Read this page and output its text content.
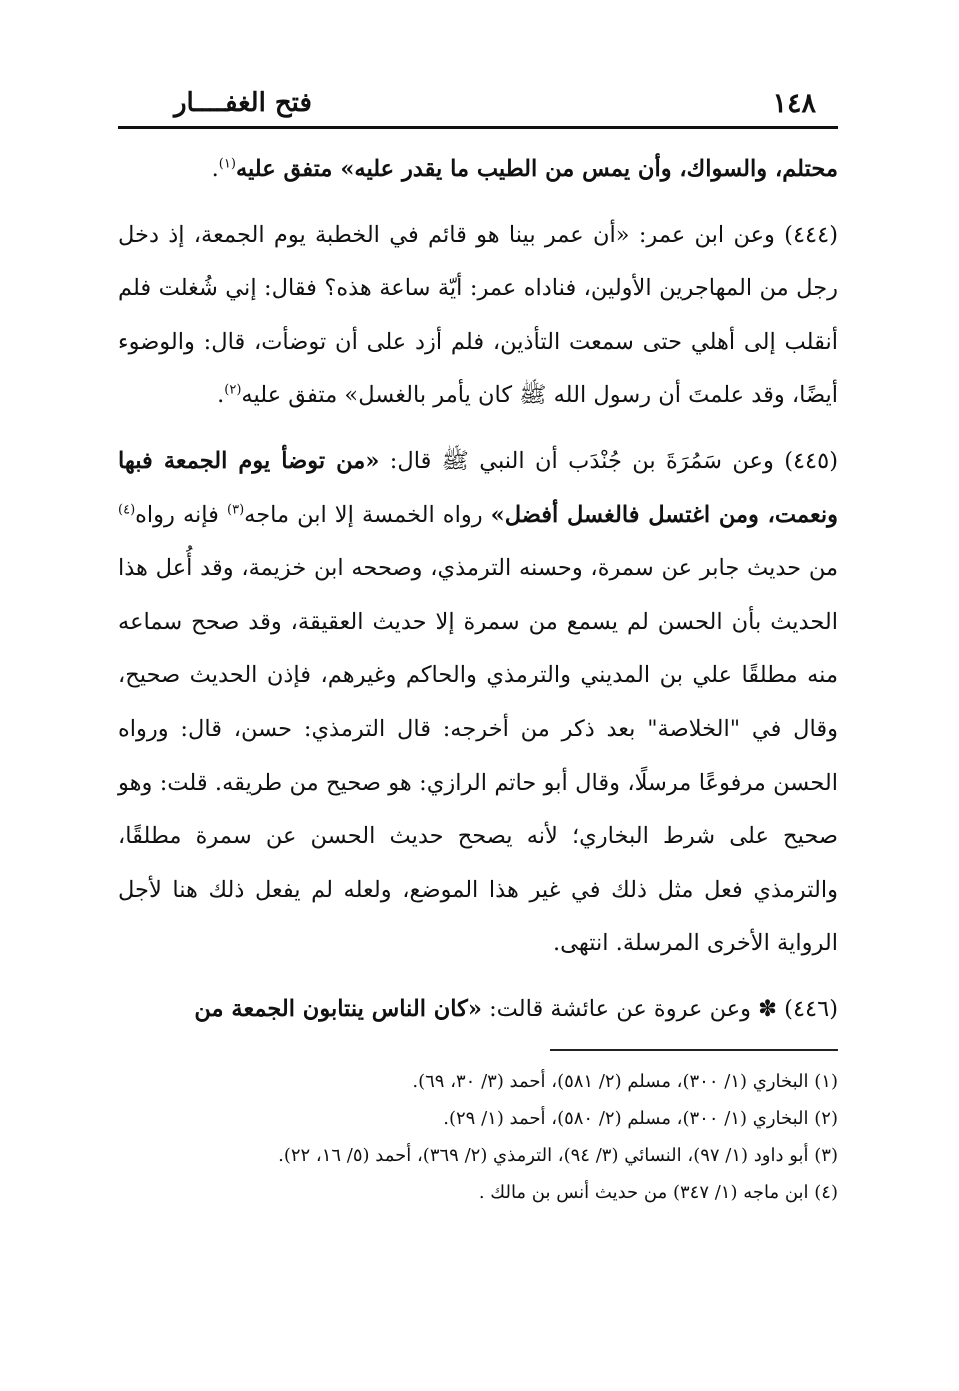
١٤٨
فتح الغفــــار

محتلم، والسواك، وأن يمس من الطيب ما يقدر عليه» متفق عليه$^{(١)}$.

(٤٤٤) وعن ابن عمر: «أن عمر بينا هو قائم في الخطبة يوم الجمعة، إذ دخل رجل من المهاجرين الأولين، فناداه عمر: أيّة ساعة هذه؟ فقال: إني شُغلت فلم أنقلب إلى أهلي حتى سمعت التأذين، فلم أزد على أن توضأت، قال: والوضوء أيضًا، وقد علمتَ أن رسول الله ﷺ كان يأمر بالغسل» متفق عليه$^{(٢)}$.

(٤٤٥) وعن سَمُرَةَ بن جُنْدَب أن النبي ﷺ قال: «من توضأ يوم الجمعة فبها ونعمت، ومن اغتسل فالغسل أفضل» رواه الخمسة إلا ابن ماجه$^{(٣)}$ فإنه رواه$^{(٤)}$ من حديث جابر عن سمرة، وحسنه الترمذي، وصححه ابن خزيمة، وقد أُعل هذا الحديث بأن الحسن لم يسمع من سمرة إلا حديث العقيقة، وقد صحح سماعه منه مطلقًا علي بن المديني والترمذي والحاكم وغيرهم، فإذن الحديث صحيح، وقال في "الخلاصة" بعد ذكر من أخرجه: قال الترمذي: حسن، قال: ورواه الحسن مرفوعًا مرسلًا، وقال أبو حاتم الرازي: هو صحيح من طريقه. قلت: وهو صحيح على شرط البخاري؛ لأنه يصحح حديث الحسن عن سمرة مطلقًا، والترمذي فعل مثل ذلك في غير هذا الموضع، ولعله لم يفعل ذلك هنا لأجل الرواية الأخرى المرسلة. انتهى.

(٤٤٦) ✽ وعن عروة عن عائشة قالت: «كان الناس ينتابون الجمعة من

(١) البخاري (١/ ٣٠٠)، مسلم (٢/ ٥٨١)، أحمد (٣/ ٣٠، ٦٩).

(٢) البخاري (١/ ٣٠٠)، مسلم (٢/ ٥٨٠)، أحمد (١/ ٢٩).

(٣) أبو داود (١/ ٩٧)، النسائي (٣/ ٩٤)، الترمذي (٢/ ٣٦٩)، أحمد (٥/ ١٦، ٢٢).

(٤) ابن ماجه (١/ ٣٤٧) من حديث أنس بن مالك .
